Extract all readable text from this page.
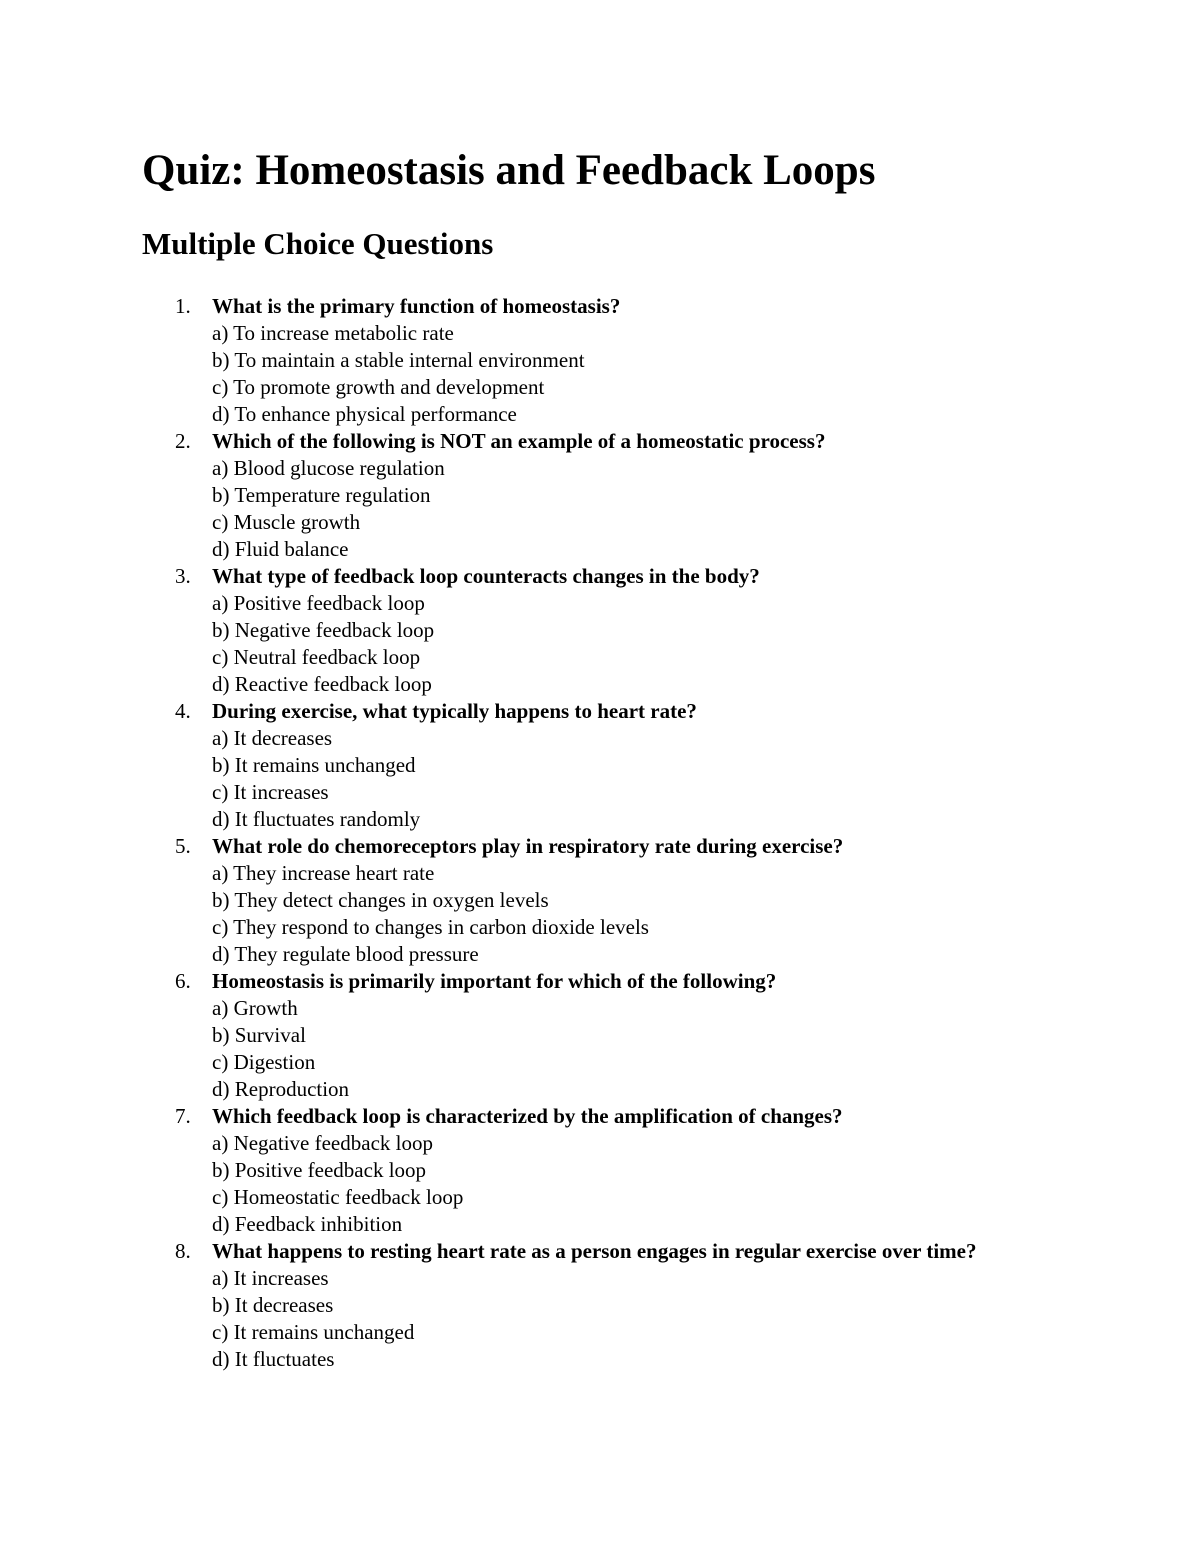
Quiz: Homeostasis and Feedback Loops
Multiple Choice Questions
1. What is the primary function of homeostasis?
a) To increase metabolic rate
b) To maintain a stable internal environment
c) To promote growth and development
d) To enhance physical performance
2. Which of the following is NOT an example of a homeostatic process?
a) Blood glucose regulation
b) Temperature regulation
c) Muscle growth
d) Fluid balance
3. What type of feedback loop counteracts changes in the body?
a) Positive feedback loop
b) Negative feedback loop
c) Neutral feedback loop
d) Reactive feedback loop
4. During exercise, what typically happens to heart rate?
a) It decreases
b) It remains unchanged
c) It increases
d) It fluctuates randomly
5. What role do chemoreceptors play in respiratory rate during exercise?
a) They increase heart rate
b) They detect changes in oxygen levels
c) They respond to changes in carbon dioxide levels
d) They regulate blood pressure
6. Homeostasis is primarily important for which of the following?
a) Growth
b) Survival
c) Digestion
d) Reproduction
7. Which feedback loop is characterized by the amplification of changes?
a) Negative feedback loop
b) Positive feedback loop
c) Homeostatic feedback loop
d) Feedback inhibition
8. What happens to resting heart rate as a person engages in regular exercise over time?
a) It increases
b) It decreases
c) It remains unchanged
d) It fluctuates
